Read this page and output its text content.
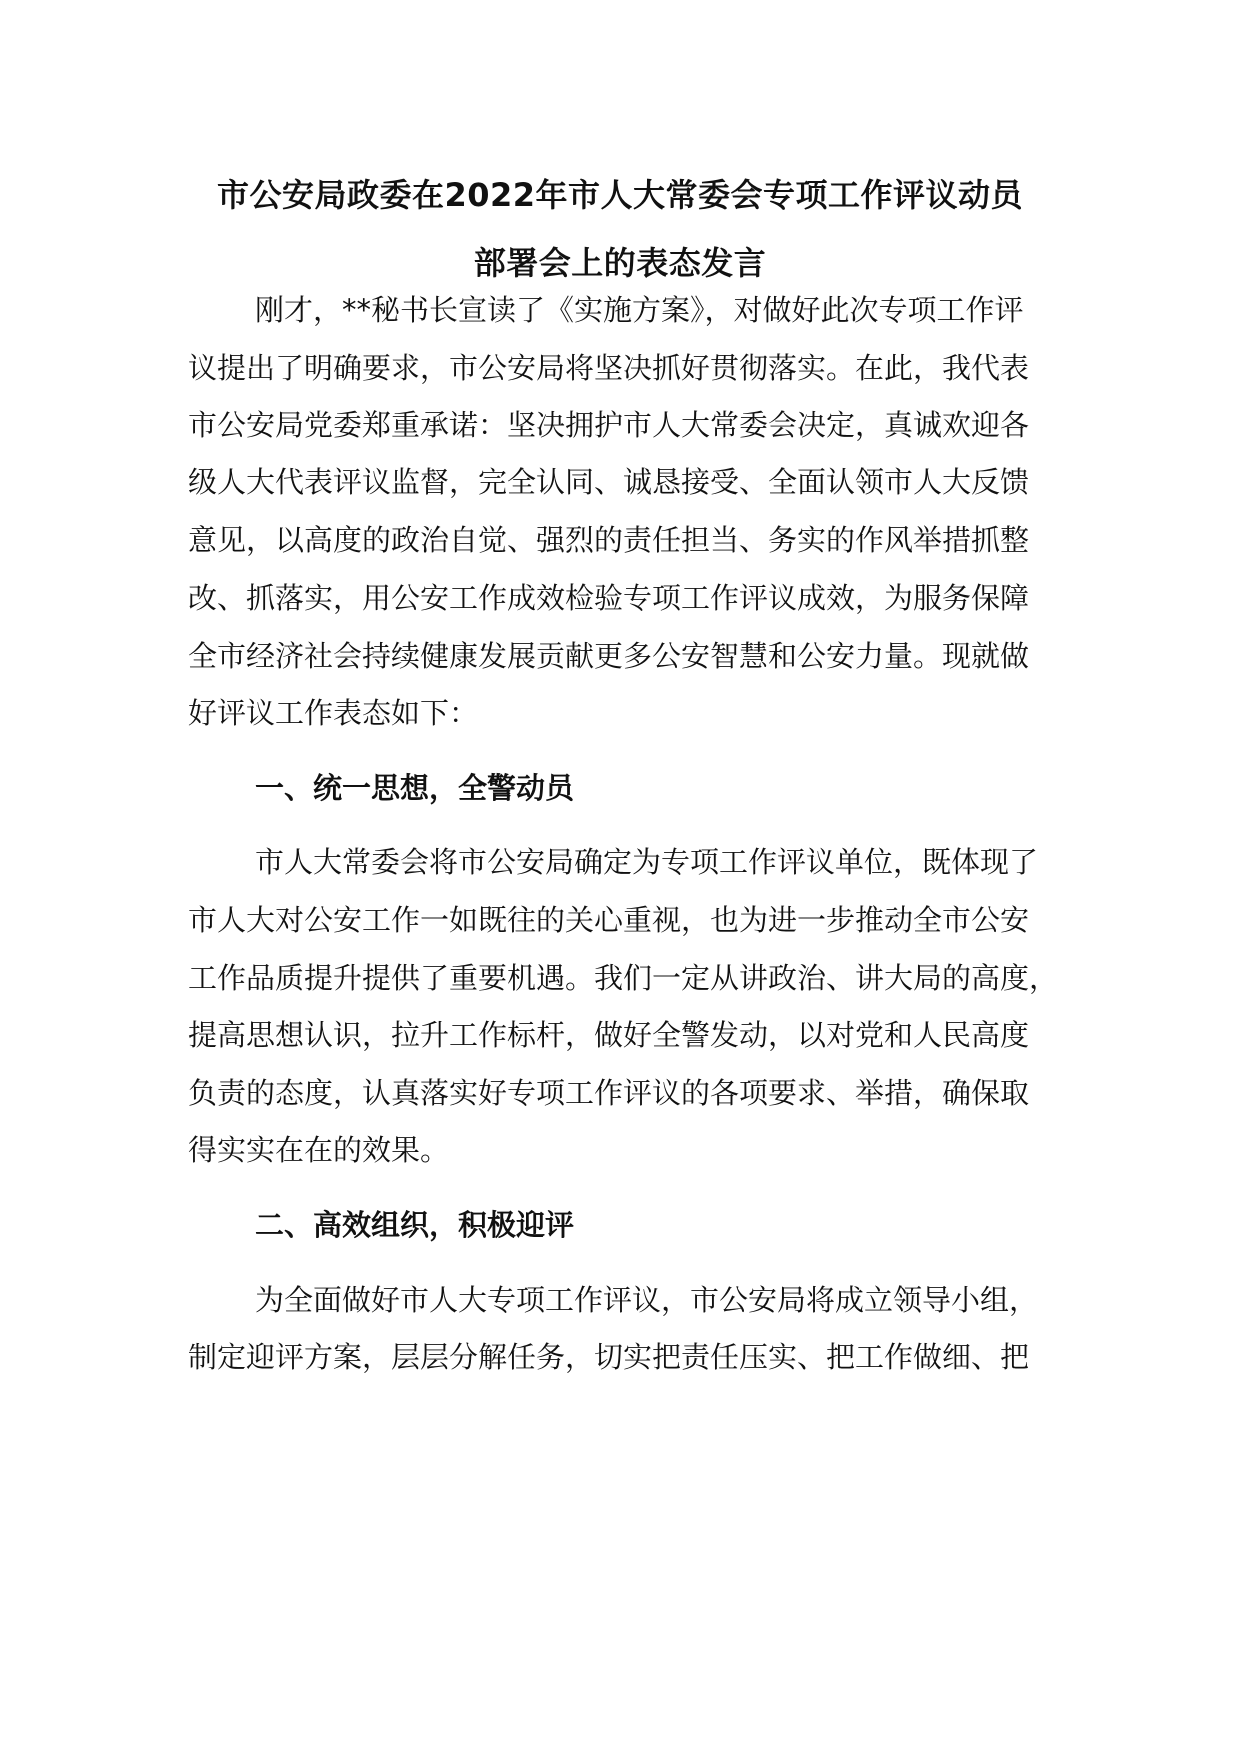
市公安局政委在2022年市人大常委会专项工作评议动员
部署会上的表态发言
刚才，**秘书长宣读了《实施方案》，对做好此次专项工作评
议提出了明确要求，市公安局将坚决抓好贯彻落实。在此，我代表
市公安局党委郑重承诺：坚决拥护市人大常委会决定，真诚欢迎各
级人大代表评议监督，完全认同、诚恳接受、全面认领市人大反馈
意见，以高度的政治自觉、强烈的责任担当、务实的作风举措抓整
改、抓落实，用公安工作成效检验专项工作评议成效，为服务保障
全市经济社会持续健康发展贡献更多公安智慧和公安力量。现就做
好评议工作表态如下：
一、统一思想，全警动员
市人大常委会将市公安局确定为专项工作评议单位，既体现了
市人大对公安工作一如既往的关心重视，也为进一步推动全市公安
工作品质提升提供了重要机遇。我们一定从讲政治、讲大局的高度，
提高思想认识，拉升工作标杆，做好全警发动，以对党和人民高度
负责的态度，认真落实好专项工作评议的各项要求、举措，确保取
得实实在在的效果。
二、高效组织，积极迎评
为全面做好市人大专项工作评议，市公安局将成立领导小组，
制定迎评方案，层层分解任务，切实把责任压实、把工作做细、把
